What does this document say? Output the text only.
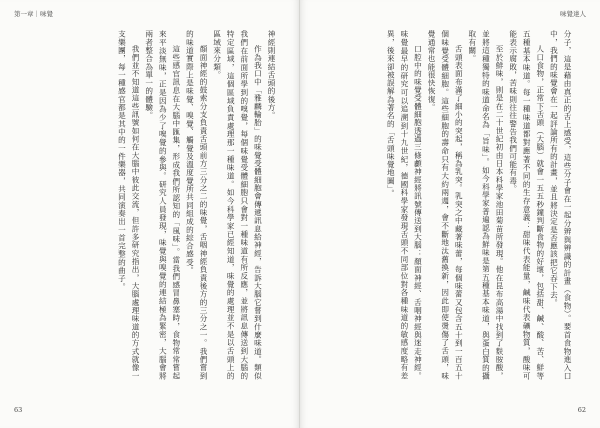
第一章｜味覺

神經則連結舌頭的後方。

作為我口中「雅麟輪胎」的味覺受體細胞會傳遞訊息給神經，告訴大腦它嘗到什麼味道。類似我們在前面所學到的嗅覺，每個味覺受體細胞只會對一種味道有所反應，並將訊息傳送到大腦的特定區域，這個區域負責處理那一種味道。如今科學家已經知道，味覺的處理並不是以舌頭上的區域來分類。

顏面神經的鼓索分支負責舌頭前方三分之二的味覺，舌咽神經負責後方的三分之一。我們嘗到的味道實際上是味覺、嗅覺、觸覺及溫度覺所共同組成的綜合感受。

這些感官訊息在大腦中匯集，形成我們所認知的「風味」。當我們感冒鼻塞時，食物常常嘗起來平淡無味，正是因為少了嗅覺的參與。研究人員發現，味覺與嗅覺的連結極為緊密，大腦會將兩者整合為單一的體驗。

我們並不知道這些訊號如何在大腦中彼此交流，但許多研究指出，大腦處理味道的方式就像一支樂團，每一種感官都是其中的一件樂器，共同演奏出一首完整的曲子。

63
味覺達人

分子，這是藉由真正的舌上感受，這些分子會在一起分辨與辨識的計畫（食物）。要首食物進入口中，我們的味覺會在一起評論所有的計畫，並且將決定是否應該把它吞下去。

人口食物，正常下舌頭（大腦）就會一五五秒鐘判斷食物的好壞，包括甜、鹹、酸、苦、鮮等五種基本味道。每一種味道都對應著不同的生存意義：甜味代表能量，鹹味代表礦物質，酸味可能表示腐敗，苦味則往往警告我們可能有毒。

至於鮮味，則是在二十世紀初由日本科學家池田菊苗所發現。他在昆布高湯中找到了麩胺酸，並將這種獨特的味道命名為「旨味」。如今科學家普遍認為鮮味是第五種基本味道，與蛋白質的攝取有關。

舌頭表面布滿了細小的突起，稱為乳突。乳突之中藏著味蕾，每個味蕾又包含五十到一百五十個味覺受體細胞。這些細胞的壽命只有大約兩週，會不斷地汰舊換新，因此即使燙傷了舌頭，味覺通常也能很快恢復。

口腔中的味覺受體細胞透過三條顱神經將訊號傳送到大腦：顏面神經、舌咽神經與迷走神經。味覺最早的研究可以追溯到十九世紀，德國科學家發現舌頭不同部位對各種味道的敏感度略有差異，後來卻被誤解為著名的「舌頭味覺地圖」。

62
